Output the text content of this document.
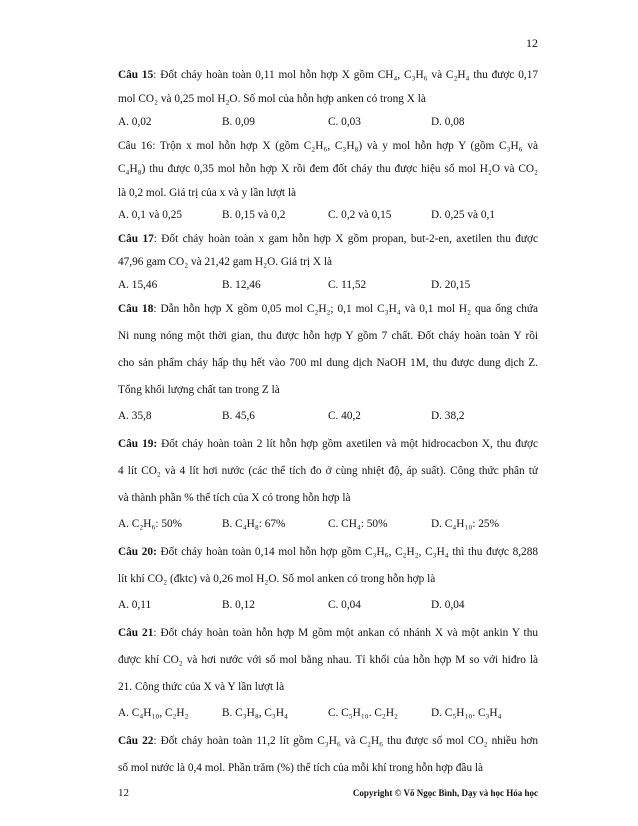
12
Câu 15: Đốt cháy hoàn toàn 0,11 mol hỗn hợp X gồm CH₄, C₃H₆ và C₂H₄ thu được 0,17
mol CO₂ và 0,25 mol H₂O. Số mol của hỗn hợp anken có trong X là
A. 0,02	B. 0,09	C. 0,03	D. 0,08
Câu 16: Trộn x mol hỗn hợp X (gồm C₂H₆, C₃H₈) và y mol hỗn hợp Y (gồm C₃H₆ và
C₄H₈) thu được 0,35 mol hỗn hợp X rồi đem đốt cháy thu được hiệu số mol H₂O và CO₂
là 0,2 mol. Giá trị của x và y lần lượt là
A. 0,1 và 0,25	B. 0,15 và 0,2	C. 0,2 và 0,15	D. 0,25 và 0,1
Câu 17: Đốt cháy hoàn toàn x gam hỗn hợp X gồm propan, but-2-en, axetilen thu được
47,96 gam CO₂ và 21,42 gam H₂O. Giá trị X là
A. 15,46	B. 12,46	C. 11,52	D. 20,15
Câu 18: Dẫn hỗn hợp X gồm 0,05 mol C₂H₂; 0,1 mol C₃H₄ và 0,1 mol H₂ qua ống chứa
Ni nung nóng một thời gian, thu được hỗn hợp Y gồm 7 chất. Đốt cháy hoàn toàn Y rồi
cho sản phẩm cháy hấp thụ hết vào 700 ml dung dịch NaOH 1M, thu được dung dịch Z.
Tổng khối lượng chất tan trong Z là
A. 35,8	B. 45,6	C. 40,2	D. 38,2
Câu 19: Đốt cháy hoàn toàn 2 lít hỗn hợp gồm axetilen và một hidrocacbon X, thu được
4 lít CO₂ và 4 lít hơi nước (các thể tích đo ở cùng nhiệt độ, áp suất). Công thức phân tử
và thành phần % thể tích của X có trong hỗn hợp là
A. C₂H₆: 50%	B. C₄H₈: 67%	C. CH₄: 50%	D. C₄H₁₀: 25%
Câu 20: Đốt cháy hoàn toàn 0,14 mol hỗn hợp gồm C₃H₆, C₂H₂, C₃H₄ thì thu được 8,288
lít khí CO₂ (đktc) và 0,26 mol H₂O. Số mol anken có trong hỗn hợp là
A. 0,11	B. 0,12	C. 0,04	D. 0,04
Câu 21: Đốt cháy hoàn toàn hỗn hợp M gồm một ankan có nhánh X và một ankin Y thu
được khí CO₂ và hơi nước với số mol bằng nhau. Tỉ khối của hỗn hợp M so với hiđro là
21. Công thức của X và Y lần lượt là
A. C₄H₁₀, C₂H₂	B. C₃H₈, C₃H₄	C. C₅H₁₀. C₂H₂	D. C₅H₁₀. C₃H₄
Câu 22: Đốt cháy hoàn toàn 11,2 lít gồm C₃H₆ và C₂H₆ thu được số mol CO₂ nhiều hơn
số mol nước là 0,4 mol. Phần trăm (%) thể tích của mỗi khí trong hỗn hợp đầu là
12	Copyright © Võ Ngọc Bình, Dạy và học Hóa học
